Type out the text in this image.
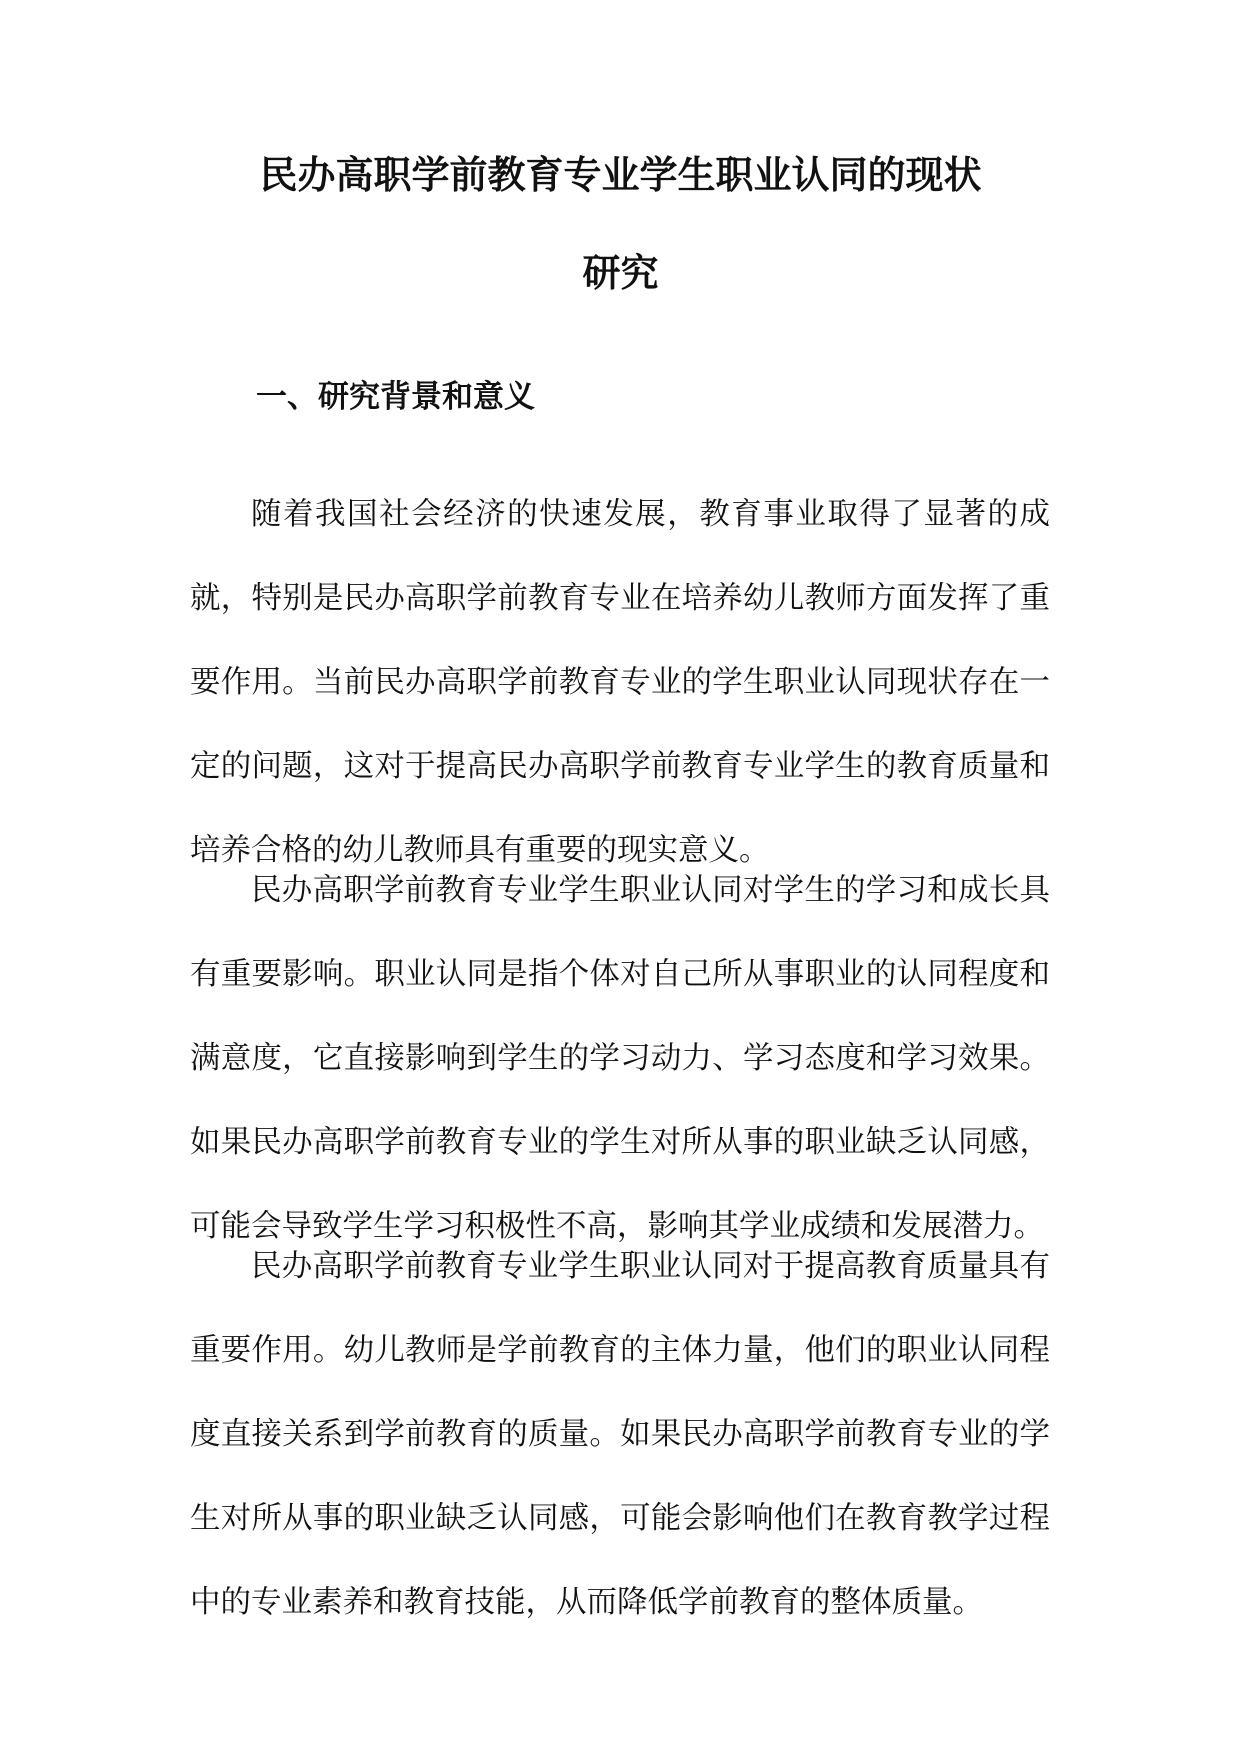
民办高职学前教育专业学生职业认同的现状
研究
一、研究背景和意义

随着我国社会经济的快速发展，教育事业取得了显著的成就，特别是民办高职学前教育专业在培养幼儿教师方面发挥了重要作用。当前民办高职学前教育专业的学生职业认同现状存在一定的问题，这对于提高民办高职学前教育专业学生的教育质量和培养合格的幼儿教师具有重要的现实意义。

民办高职学前教育专业学生职业认同对学生的学习和成长具有重要影响。职业认同是指个体对自己所从事职业的认同程度和满意度，它直接影响到学生的学习动力、学习态度和学习效果。如果民办高职学前教育专业的学生对所从事的职业缺乏认同感，可能会导致学生学习积极性不高，影响其学业成绩和发展潜力。

民办高职学前教育专业学生职业认同对于提高教育质量具有重要作用。幼儿教师是学前教育的主体力量，他们的职业认同程度直接关系到学前教育的质量。如果民办高职学前教育专业的学生对所从事的职业缺乏认同感，可能会影响他们在教育教学过程中的专业素养和教育技能，从而降低学前教育的整体质量。
